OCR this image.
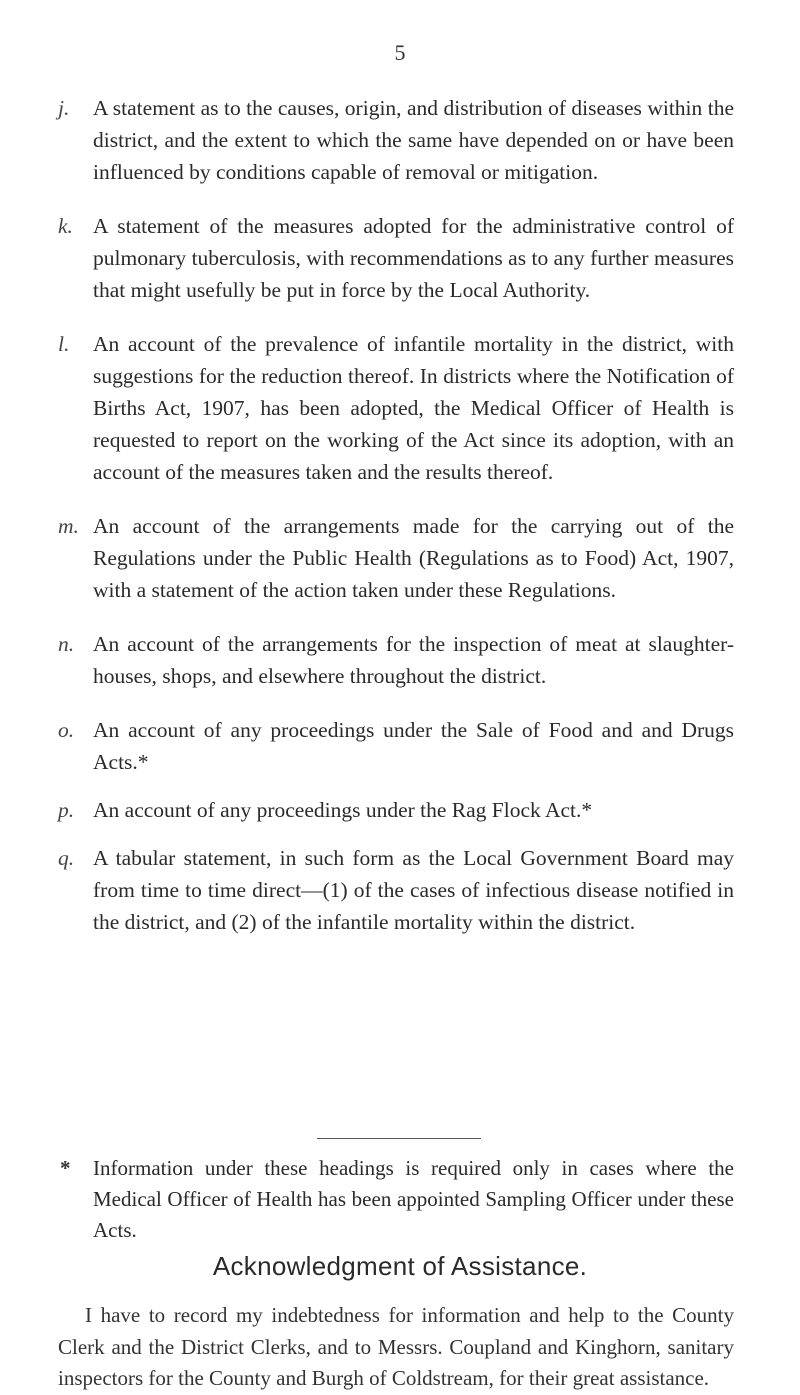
5
j. A statement as to the causes, origin, and distribution of diseases within the district, and the extent to which the same have depended on or have been influenced by conditions capable of removal or mitigation.
k. A statement of the measures adopted for the administrative control of pulmonary tuberculosis, with recommendations as to any further measures that might usefully be put in force by the Local Authority.
l. An account of the prevalence of infantile mortality in the district, with suggestions for the reduction thereof. In districts where the Notification of Births Act, 1907, has been adopted, the Medical Officer of Health is requested to report on the working of the Act since its adoption, with an account of the measures taken and the results thereof.
m. An account of the arrangements made for the carrying out of the Regulations under the Public Health (Regulations as to Food) Act, 1907, with a statement of the action taken under these Regulations.
n. An account of the arrangements for the inspection of meat at slaughter-houses, shops, and elsewhere throughout the district.
o. An account of any proceedings under the Sale of Food and and Drugs Acts.*
p. An account of any proceedings under the Rag Flock Act.*
q. A tabular statement, in such form as the Local Government Board may from time to time direct—(1) of the cases of infectious disease notified in the district, and (2) of the infantile mortality within the district.
*	Information under these headings is required only in cases where the Medical Officer of Health has been appointed Sampling Officer under these Acts.
Acknowledgment of Assistance.
I have to record my indebtedness for information and help to the County Clerk and the District Clerks, and to Messrs. Coupland and Kinghorn, sanitary inspectors for the County and Burgh of Coldstream, for their great assistance.
